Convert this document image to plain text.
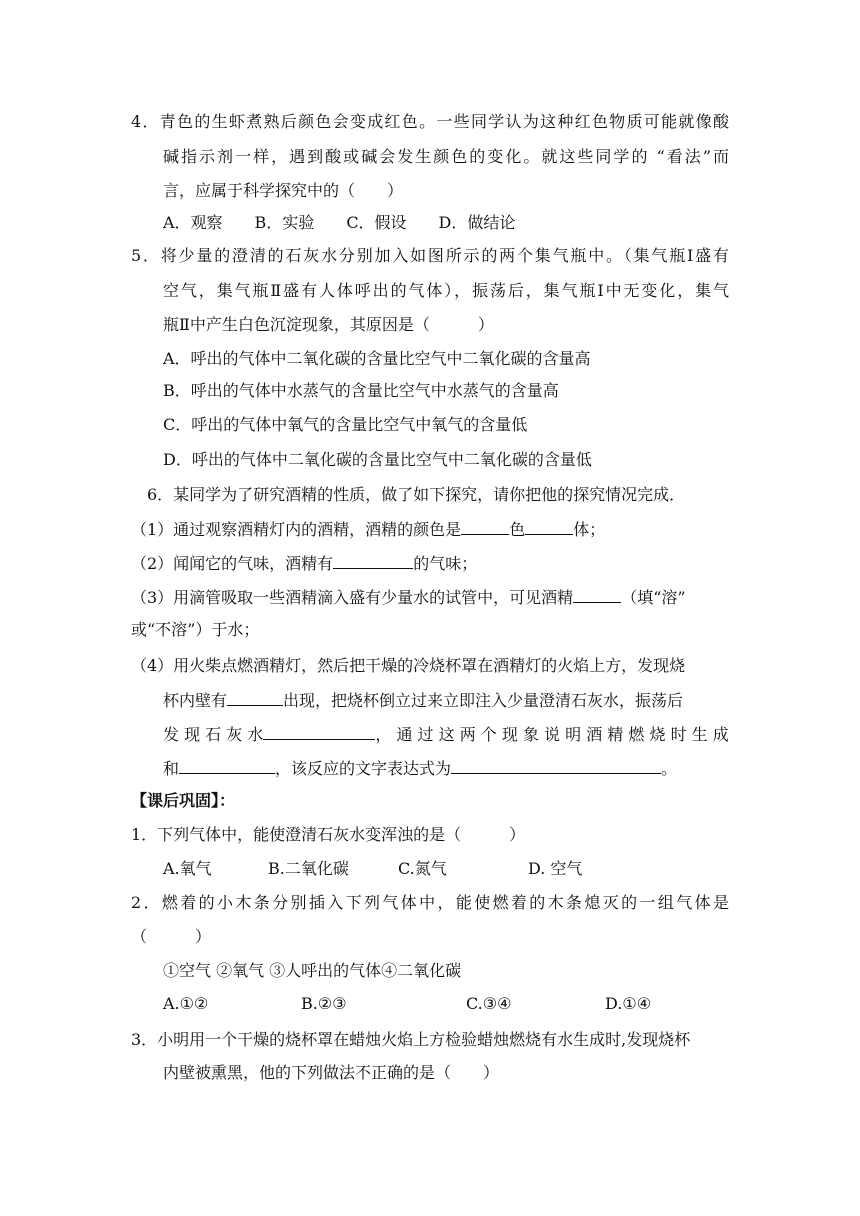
4．青色的生虾煮熟后颜色会变成红色。一些同学认为这种红色物质可能就像酸
碱指示剂一样，遇到酸或碱会发生颜色的变化。就这些同学的 “看法”而
言，应属于科学探究中的（　　）
A．观察　　B．实验　　C．假设　　D．做结论
5．将少量的澄清的石灰水分别加入如图所示的两个集气瓶中。（集气瓶Ⅰ盛有
空气，集气瓶Ⅱ盛有人体呼出的气体），振荡后，集气瓶Ⅰ中无变化，集气
瓶Ⅱ中产生白色沉淀现象，其原因是（　　　）
A．呼出的气体中二氧化碳的含量比空气中二氧化碳的含量高
B．呼出的气体中水蒸气的含量比空气中水蒸气的含量高
C．呼出的气体中氧气的含量比空气中氧气的含量低
D．呼出的气体中二氧化碳的含量比空气中二氧化碳的含量低
6．某同学为了研究酒精的性质，做了如下探究，请你把他的探究情况完成．
（1）通过观察酒精灯内的酒精，酒精的颜色是	色	体；
（2）闻闻它的气味，酒精有	的气味；
（3）用滴管吸取一些酒精滴入盛有少量水的试管中，可见酒精	（填“溶”
或“不溶”）于水；
（4）用火柴点燃酒精灯，然后把干燥的冷烧杯罩在酒精灯的火焰上方，发现烧
杯内壁有	出现，把烧杯倒立过来立即注入少量澄清石灰水，振荡后
发 现 石 灰 水	， 通 过 这 两 个 现 象 说 明 酒 精 燃 烧 时 生 成
和	，该反应的文字表达式为	。
【课后巩固】：
1．下列气体中，能使澄清石灰水变浑浊的是（　　　）
A.氧气	B.二氧化碳	C.氮气	D. 空气
2．燃着的小木条分别插入下列气体中，能使燃着的木条熄灭的一组气体是
（　　　）
①空气 ②氧气 ③人呼出的气体④二氧化碳
A.①②	B.②③	C.③④	D.①④
3．小明用一个干燥的烧杯罩在蜡烛火焰上方检验蜡烛燃烧有水生成时,发现烧杯
内壁被熏黑，他的下列做法不正确的是（　　）
